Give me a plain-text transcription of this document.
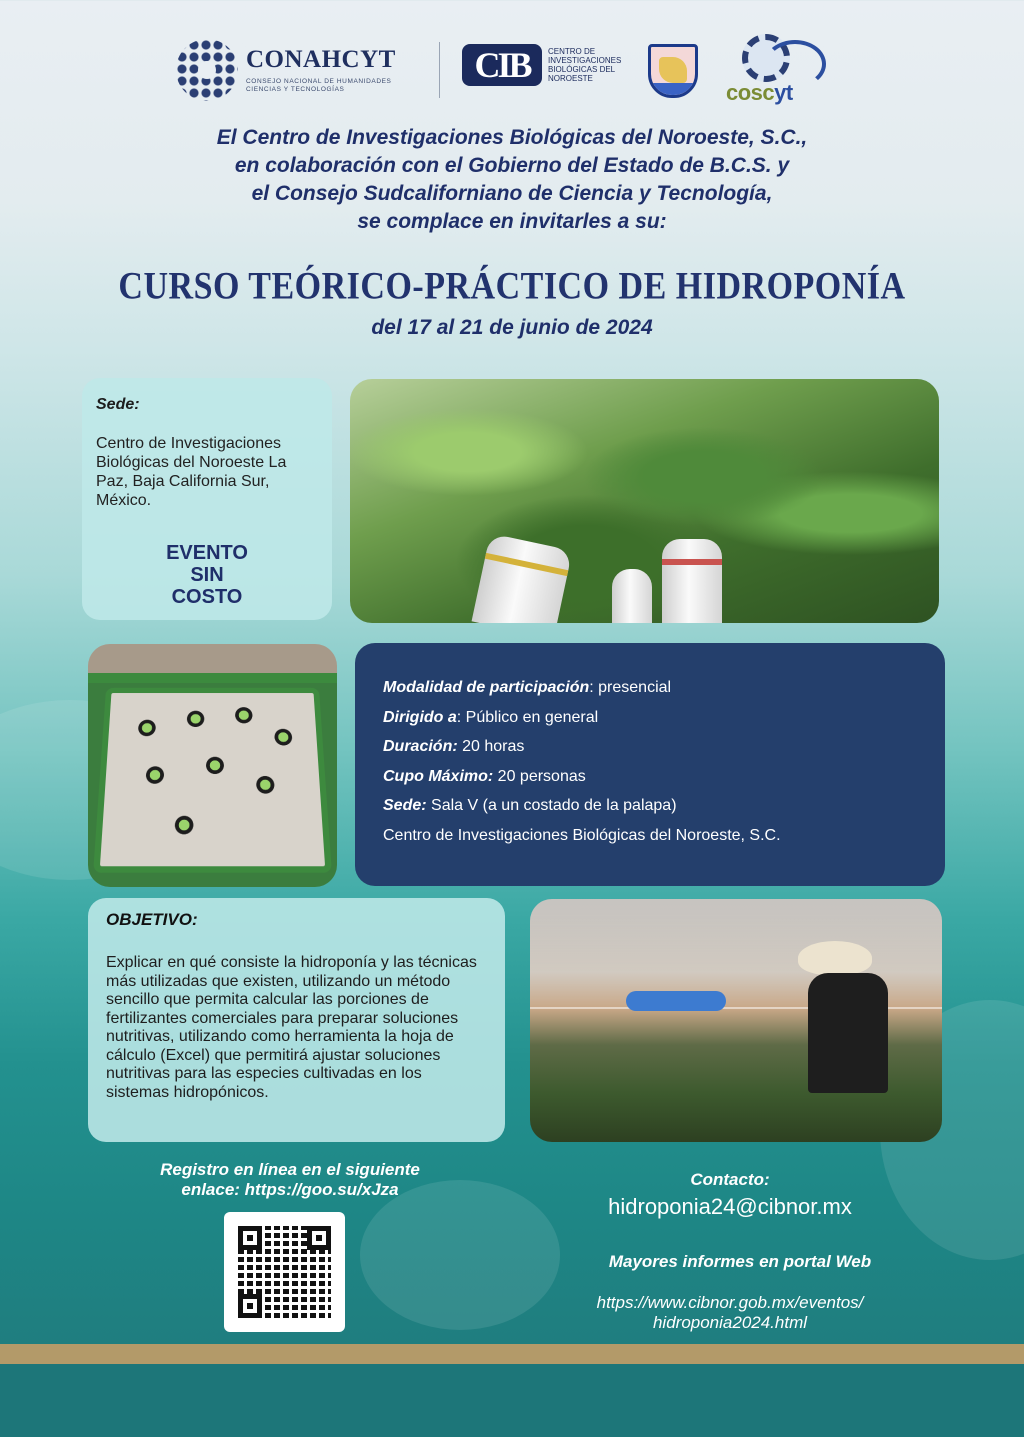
CONAHCYT
CONSEJO NACIONAL DE HUMANIDADES CIENCIAS Y TECNOLOGÍAS
CIB	CENTRO DE INVESTIGACIONES BIOLÓGICAS DEL NOROESTE
coscyt
El Centro de Investigaciones Biológicas del Noroeste, S.C.,
en colaboración con el Gobierno del Estado de B.C.S. y
el Consejo Sudcaliforniano de Ciencia y Tecnología,
se complace en invitarles a su:
CURSO TEÓRICO-PRÁCTICO DE HIDROPONÍA
del 17 al 21 de junio de 2024
Sede:
Centro de Investigaciones Biológicas del Noroeste La Paz, Baja California Sur, México.
EVENTO
SIN
COSTO
Modalidad de participación: presencial
Dirigido a: Público en general
Duración: 20 horas
Cupo Máximo: 20 personas
Sede: Sala V (a un costado de la palapa)
Centro de Investigaciones Biológicas del Noroeste, S.C.
OBJETIVO:
Explicar en qué consiste la hidroponía y las técnicas más utilizadas que existen, utilizando un método sencillo que permita calcular las porciones de fertilizantes comerciales para preparar soluciones nutritivas, utilizando como herramienta la hoja de cálculo (Excel) que permitirá ajustar soluciones nutritivas para las especies cultivadas en los sistemas hidropónicos.
Registro en línea en el siguiente
enlace: https://goo.su/xJza
Contacto:
hidroponia24@cibnor.mx
Mayores informes en portal Web
https://www.cibnor.gob.mx/eventos/
hidroponia2024.html
